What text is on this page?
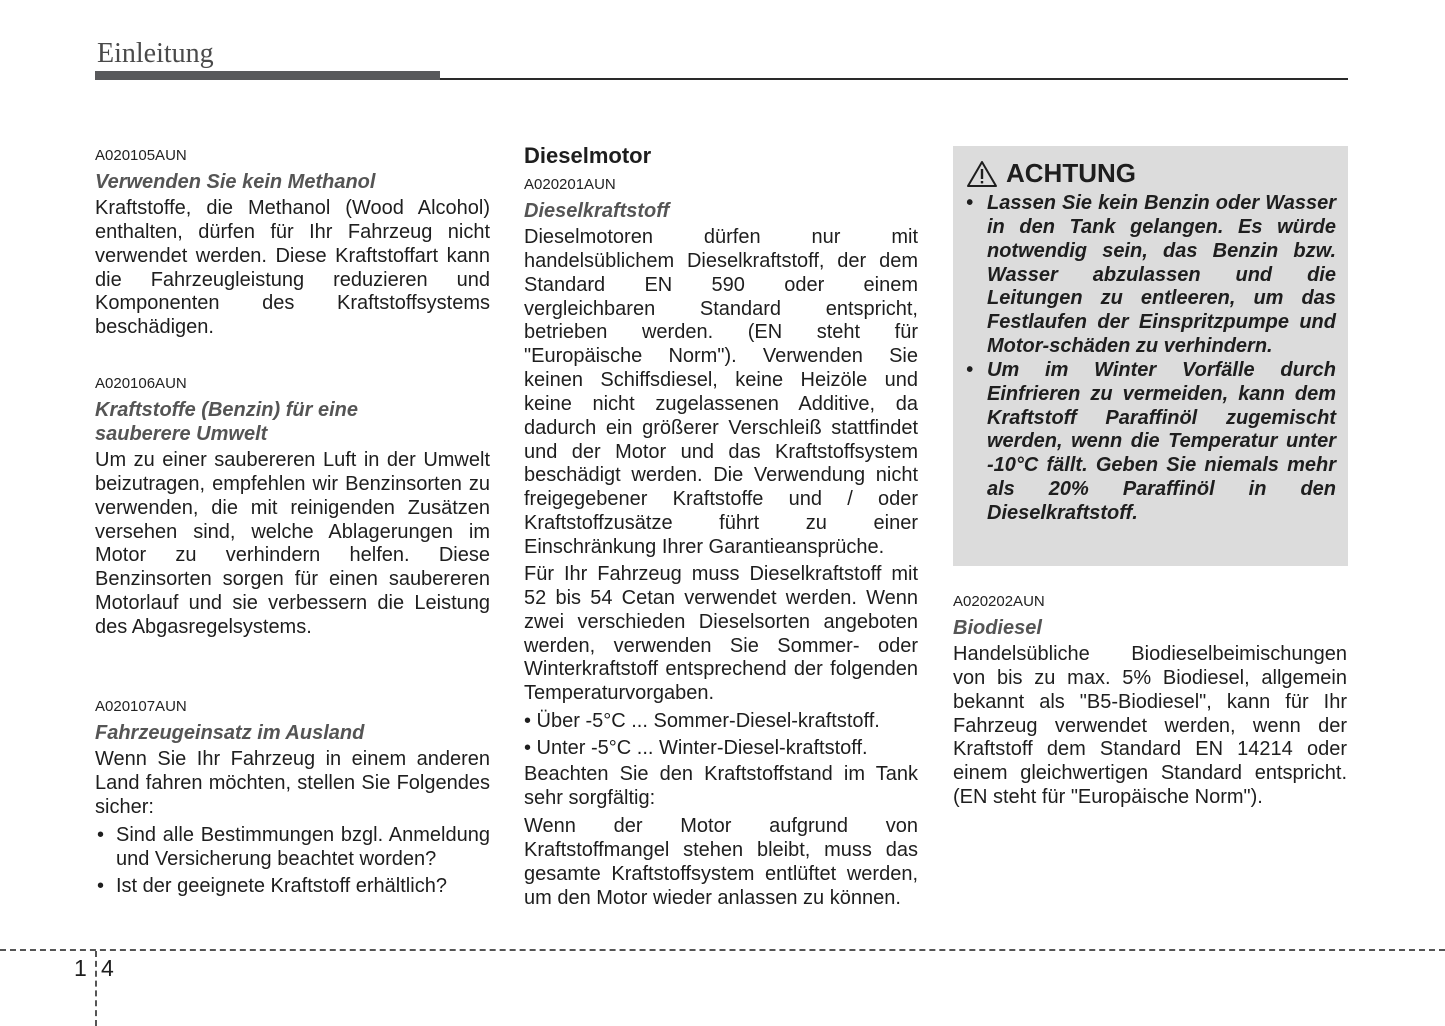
Einleitung
A020105AUN
Verwenden Sie kein Methanol

Kraftstoffe, die Methanol (Wood Alcohol) enthalten, dürfen für Ihr Fahrzeug nicht verwendet werden. Diese Kraftstoffart kann die Fahrzeugleistung reduzieren und Komponenten des Kraftstoffsystems beschädigen.

A020106AUN
Kraftstoffe (Benzin) für eine
sauberere Umwelt

Um zu einer saubereren Luft in der Umwelt beizutragen, empfehlen wir Benzinsorten zu verwenden, die mit reinigenden Zusätzen versehen sind, welche Ablagerungen im Motor zu verhindern helfen. Diese Benzinsorten sorgen für einen saubereren Motorlauf und sie verbessern die Leistung des Abgasregelsystems.

A020107AUN
Fahrzeugeinsatz im Ausland

Wenn Sie Ihr Fahrzeug in einem anderen Land fahren möchten, stellen Sie Folgendes sicher:

• Sind alle Bestimmungen bzgl. Anmeldung und Versicherung beachtet worden?
• Ist der geeignete Kraftstoff erhältlich?
Dieselmotor
A020201AUN
Dieselkraftstoff

Dieselmotoren dürfen nur mit handelsüblichem Dieselkraftstoff, der dem Standard EN 590 oder einem vergleichbaren Standard entspricht, betrieben werden. (EN steht für "Europäische Norm"). Verwenden Sie keinen Schiffsdiesel, keine Heizöle und keine nicht zugelassenen Additive, da dadurch ein größerer Verschleiß stattfindet und der Motor und das Kraftstoffsystem beschädigt werden. Die Verwendung nicht freigegebener Kraftstoffe und / oder Kraftstoffzusätze führt zu einer Einschränkung Ihrer Garantieansprüche.

Für Ihr Fahrzeug muss Dieselkraftstoff mit 52 bis 54 Cetan verwendet werden. Wenn zwei verschieden Dieselsorten angeboten werden, verwenden Sie Sommer- oder Winterkraftstoff entsprechend der folgenden Temperaturvorgaben.

• Über -5°C ... Sommer-Diesel-kraftstoff.
• Unter -5°C ... Winter-Diesel-kraftstoff.

Beachten Sie den Kraftstoffstand im Tank sehr sorgfältig:

Wenn der Motor aufgrund von Kraftstoffmangel stehen bleibt, muss das gesamte Kraftstoffsystem entlüftet werden, um den Motor wieder anlassen zu können.

ACHTUNG
• Lassen Sie kein Benzin oder Wasser in den Tank gelangen. Es würde notwendig sein, das Benzin bzw. Wasser abzulassen und die Leitungen zu entleeren, um das Festlaufen der Einspritzpumpe und Motor-schäden zu verhindern.
• Um im Winter Vorfälle durch Einfrieren zu vermeiden, kann dem Kraftstoff Paraffinöl zugemischt werden, wenn die Temperatur unter -10°C fällt. Geben Sie niemals mehr als 20% Paraffinöl in den Dieselkraftstoff.
A020202AUN
Biodiesel

Handelsübliche Biodieselbeimischungen von bis zu max. 5% Biodiesel, allgemein bekannt als "B5-Biodiesel", kann für Ihr Fahrzeug verwendet werden, wenn der Kraftstoff dem Standard EN 14214 oder einem gleichwertigen Standard entspricht. (EN steht für "Europäische Norm").

1 4
